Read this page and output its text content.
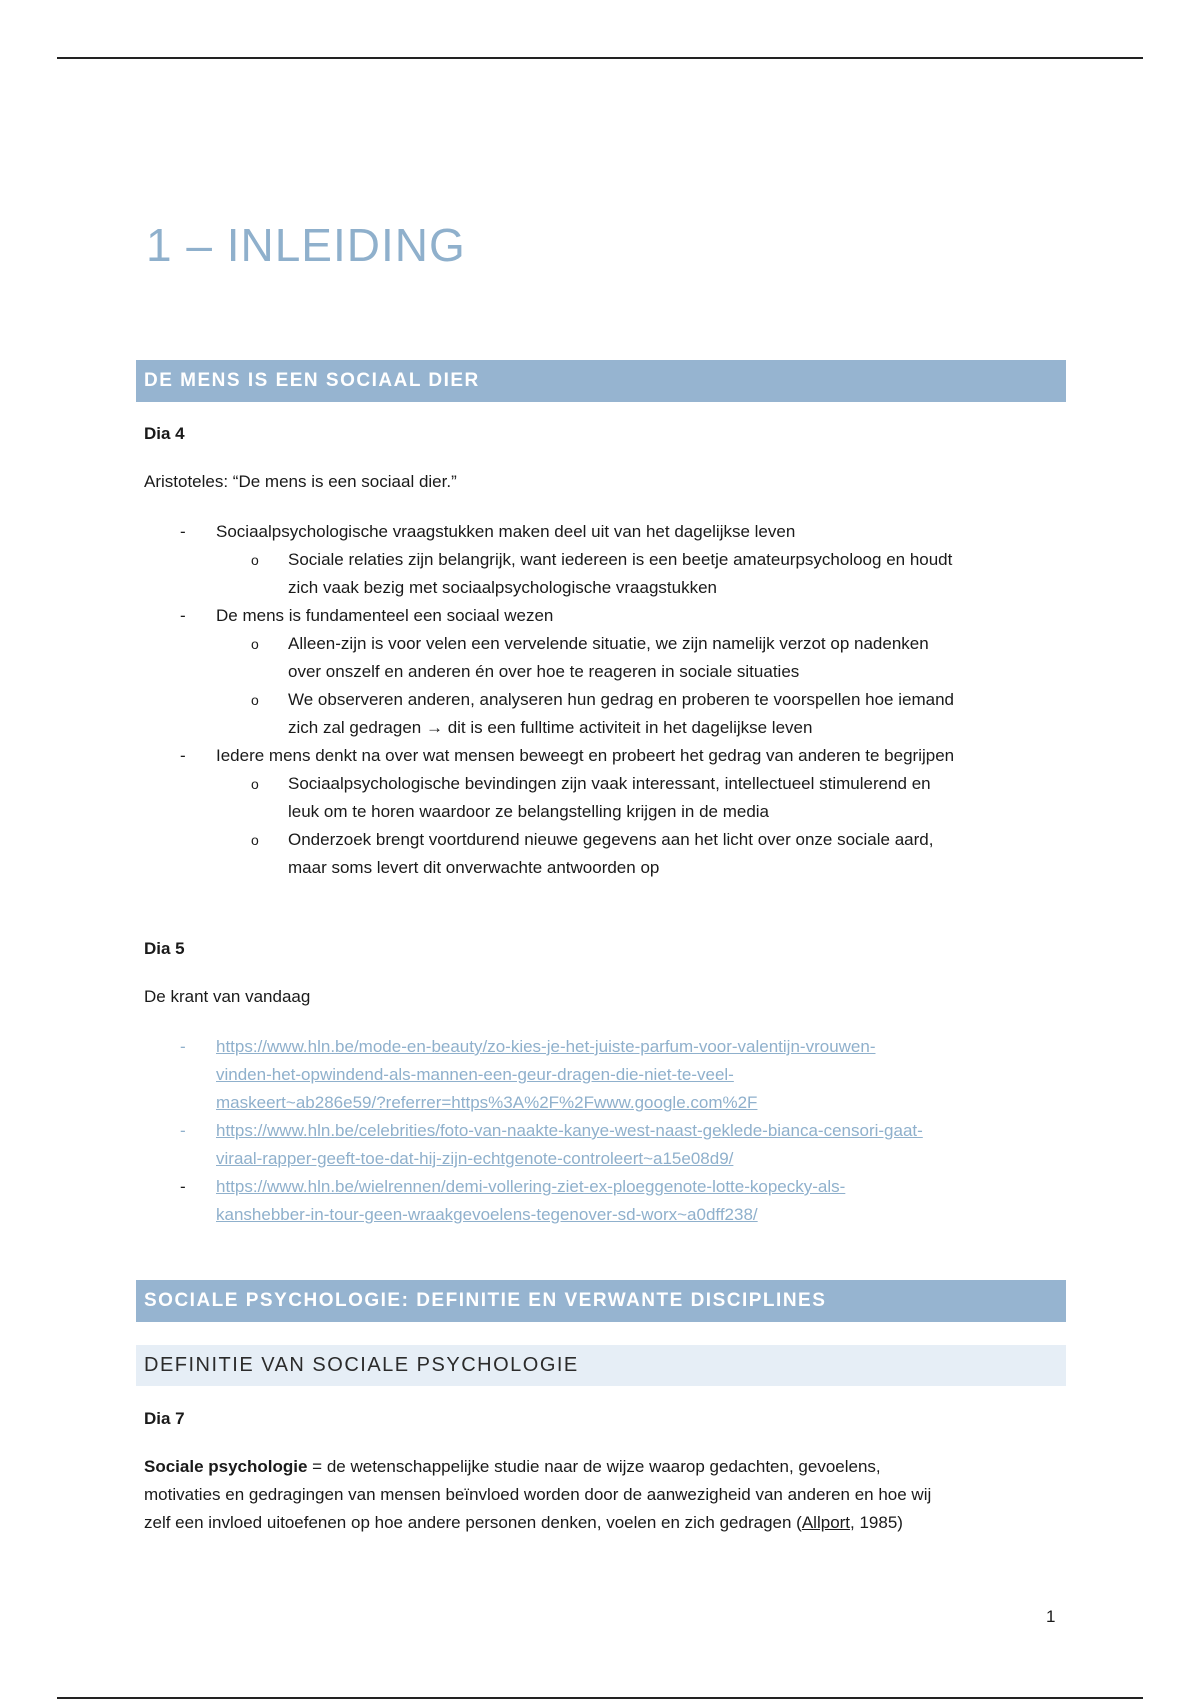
1 – INLEIDING
DE MENS IS EEN SOCIAAL DIER
Dia 4
Aristoteles: “De mens is een sociaal dier.”
- Sociaalpsychologische vraagstukken maken deel uit van het dagelijkse leven
o Sociale relaties zijn belangrijk, want iedereen is een beetje amateurpsycholoog en houdt
zich vaak bezig met sociaalpsychologische vraagstukken
- De mens is fundamenteel een sociaal wezen
o Alleen-zijn is voor velen een vervelende situatie, we zijn namelijk verzot op nadenken
over onszelf en anderen én over hoe te reageren in sociale situaties
o We observeren anderen, analyseren hun gedrag en proberen te voorspellen hoe iemand
zich zal gedragen → dit is een fulltime activiteit in het dagelijkse leven
- Iedere mens denkt na over wat mensen beweegt en probeert het gedrag van anderen te begrijpen
o Sociaalpsychologische bevindingen zijn vaak interessant, intellectueel stimulerend en
leuk om te horen waardoor ze belangstelling krijgen in de media
o Onderzoek brengt voortdurend nieuwe gegevens aan het licht over onze sociale aard,
maar soms levert dit onverwachte antwoorden op
Dia 5
De krant van vandaag
- https://www.hln.be/mode-en-beauty/zo-kies-je-het-juiste-parfum-voor-valentijn-vrouwen-
vinden-het-opwindend-als-mannen-een-geur-dragen-die-niet-te-veel-
maskeert~ab286e59/?referrer=https%3A%2F%2Fwww.google.com%2F
- https://www.hln.be/celebrities/foto-van-naakte-kanye-west-naast-geklede-bianca-censori-gaat-
viraal-rapper-geeft-toe-dat-hij-zijn-echtgenote-controleert~a15e08d9/
- https://www.hln.be/wielrennen/demi-vollering-ziet-ex-ploeggenote-lotte-kopecky-als-
kanshebber-in-tour-geen-wraakgevoelens-tegenover-sd-worx~a0dff238/
SOCIALE PSYCHOLOGIE: DEFINITIE EN VERWANTE DISCIPLINES
DEFINITIE VAN SOCIALE PSYCHOLOGIE
Dia 7
Sociale psychologie = de wetenschappelijke studie naar de wijze waarop gedachten, gevoelens,
motivaties en gedragingen van mensen beïnvloed worden door de aanwezigheid van anderen en hoe wij
zelf een invloed uitoefenen op hoe andere personen denken, voelen en zich gedragen (Allport, 1985)
1
